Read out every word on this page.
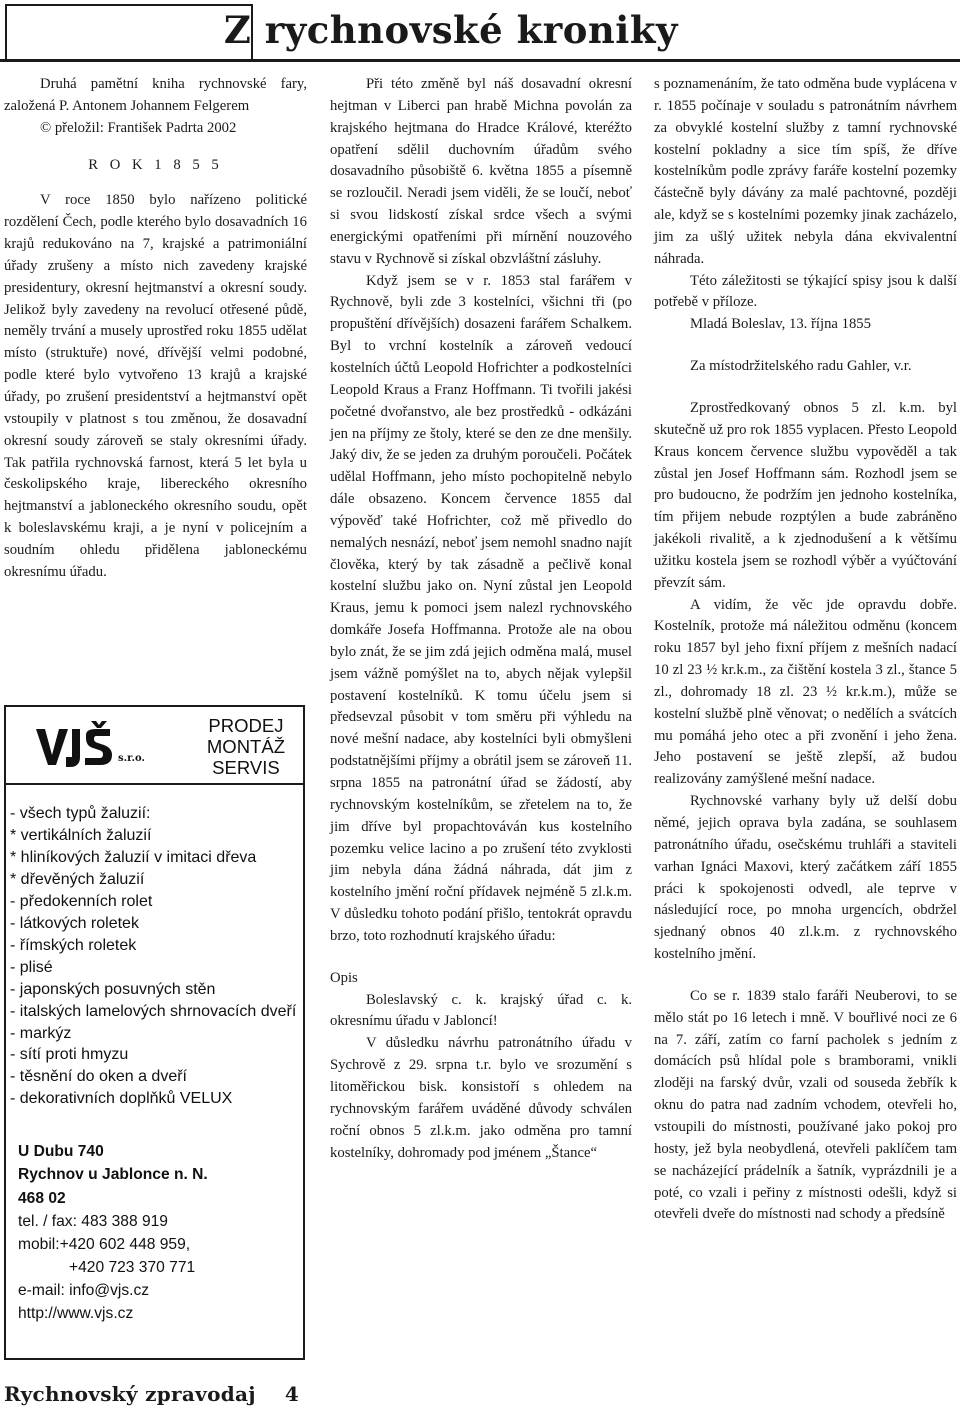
Z rychnovské kroniky

Druhá pamětní kniha rychnovské fary, založená P. Antonem Johannem Felgerem

© přeložil: František Padrta 2002

R O K 1 8 5 5

V roce 1850 bylo nařízeno politické rozdělení Čech, podle kterého bylo dosavadních 16 krajů redukováno na 7, krajské a patrimoniální úřady zrušeny a místo nich zavedeny krajské presidentury, okresní hejtmanství a okresní soudy. Jelikož byly zavedeny na revolucí otřesené půdě, neměly trvání a musely uprostřed roku 1855 udělat místo (struktuře) nové, dřívější velmi podobné, podle které bylo vytvořeno 13 krajů a krajské úřady, po zrušení presidentství a hejtmanství opět vstoupily v platnost s tou změnou, že dosavadní okresní soudy zároveň se staly okresními úřady. Tak patřila rychnovská farnost, která 5 let byla u českolipského kraje, libereckého okresního hejtmanství a jabloneckého okresního soudu, opět k boleslavskému kraji, a je nyní v policejním a soudním ohledu přidělena jabloneckému okresnímu úřadu.

s.r.o.
PRODEJ
MONTÁŽ
SERVIS
- všech typů žaluzií:
* vertikálních žaluzií
* hliníkových žaluzií v imitaci dřeva
* dřevěných žaluzií
- předokenních rolet
- látkových roletek
- římských roletek
- plisé
- japonských posuvných stěn
- italských lamelových shrnovacích dveří
- markýz
- sítí proti hmyzu
- těsnění do oken a dveří
- dekorativních doplňků VELUX
U Dubu 740
Rychnov u Jablonce n. N.
468 02
tel. / fax: 483 388 919
mobil:+420 602 448 959,
+420 723 370 771
e-mail: info@vjs.cz
http://www.vjs.cz

Při této změně byl náš dosavadní okresní hejtman v Liberci pan hrabě Michna povolán za krajského hejtmana do Hradce Králové, kteréžto opatření sdělil duchovním úřadům svého dosavadního působiště 6. května 1855 a písemně se rozloučil. Neradi jsem viděli, že se loučí, neboť si svou lidskostí získal srdce všech a svými energickými opatřeními při mírnění nouzového stavu v Rychnově si získal obzvláštní zásluhy.

Když jsem se v r. 1853 stal farářem v Rychnově, byli zde 3 kostelníci, všichni tři (po propuštění dřívějších) dosazeni farářem Schalkem. Byl to vrchní kostelník a zároveň vedoucí kostelních účtů Leopold Hofrichter a podkostelníci Leopold Kraus a Franz Hoffmann. Ti tvořili jakési početné dvořanstvo, ale bez prostředků - odkázáni jen na příjmy ze štoly, které se den ze dne menšily. Jaký div, že se jeden za druhým poroučeli. Počátek udělal Hoffmann, jeho místo pochopitelně nebylo dále obsazeno. Koncem července 1855 dal výpověď také Hofrichter, což mě přivedlo do nemalých nesnází, neboť jsem nemohl snadno najít člověka, který by tak zásadně a pečlivě konal kostelní službu jako on. Nyní zůstal jen Leopold Kraus, jemu k pomoci jsem nalezl rychnovského domkáře Josefa Hoffmanna. Protože ale na obou bylo znát, že se jim zdá jejich odměna malá, musel jsem vážně pomýšlet na to, abych nějak vylepšil postavení kostelníků. K tomu účelu jsem si předsevzal působit v tom směru při výhledu na nové mešní nadace, aby kostelníci byli obmyšleni podstatnějšími příjmy a obrátil jsem se zároveň 11. srpna 1855 na patronátní úřad se žádostí, aby rychnovským kostelníkům, se zřetelem na to, že jim dříve byl propachtováván kus kostelního pozemku velice lacino a po zrušení této zvyklosti jim nebyla dána žádná náhrada, dát jim z kostelního jmění roční přídavek nejméně 5 zl.k.m. V důsledku tohoto podání přišlo, tentokrát opravdu brzo, toto rozhodnutí krajského úřadu:

Opis

Boleslavský c. k. krajský úřad c. k. okresnímu úřadu v Jabloncí!

V důsledku návrhu patronátního úřadu v Sychrově z 29. srpna t.r. bylo ve srozumění s litoměřickou bisk. konsistoří s ohledem na rychnovským farářem uváděné důvody schválen roční obnos 5 zl.k.m. jako odměna pro tamní kostelníky, dohromady pod jménem „Štance“

s poznamenáním, že tato odměna bude vyplácena v r. 1855 počínaje v souladu s patronátním návrhem za obvyklé kostelní služby z tamní rychnovské kostelní pokladny a sice tím spíš, že dříve kostelníkům podle zprávy faráře kostelní pozemky částečně byly dávány za malé pachtovné, později ale, když se s kostelními pozemky jinak zacházelo, jim za ušlý užitek nebyla dána ekvivalentní náhrada.

Této záležitosti se týkající spisy jsou k další potřebě v příloze.

Mladá Boleslav, 13. října 1855

Za místodržitelského radu Gahler, v.r.

Zprostředkovaný obnos 5 zl. k.m. byl skutečně už pro rok 1855 vyplacen. Přesto Leopold Kraus koncem července službu vypověděl a tak zůstal jen Josef Hoffmann sám. Rozhodl jsem se pro budoucno, že podržím jen jednoho kostelníka, tím přijem nebude rozptýlen a bude zabráněno jakékoli rivalitě, a k zjednodušení a k většímu užitku kostela jsem se rozhodl výběr a vyúčtování převzít sám.

A vidím, že věc jde opravdu dobře. Kostelník, protože má náležitou odměnu (koncem roku 1857 byl jeho fixní příjem z mešních nadací 10 zl 23 ½ kr.k.m., za čištění kostela 3 zl., štance 5 zl., dohromady 18 zl. 23 ½ kr.k.m.), může se kostelní službě plně věnovat; o nedělích a svátcích mu pomáhá jeho otec a při zvonění i jeho žena. Jeho postavení se ještě zlepší, až budou realizovány zamýšlené mešní nadace.

Rychnovské varhany byly už delší dobu němé, jejich oprava byla zadána, se souhlasem patronátního úřadu, osečskému truhláři a staviteli varhan Ignáci Maxovi, který začátkem září 1855 práci k spokojenosti odvedl, ale teprve v následující roce, po mnoha urgencích, obdržel sjednaný obnos 40 zl.k.m. z rychnovského kostelního jmění.

Co se r. 1839 stalo faráři Neuberovi, to se mělo stát po 16 letech i mně. V bouřlivé noci ze 6 na 7. září, zatím co farní pacholek s jedním z domácích psů hlídal pole s bramborami, vnikli zloději na farský dvůr, vzali od souseda žebřík k oknu do patra nad zadním vchodem, otevřeli ho, vstoupili do místnosti, používané jako pokoj pro hosty, jež byla neobydlená, otevřeli paklíčem tam se nacházející prádelník a šatník, vyprázdnili je a poté, co vzali i peřiny z místnosti odešli, když si otevřeli dveře do místnosti nad schody a předsíně

Rychnovský zpravodaj    4
